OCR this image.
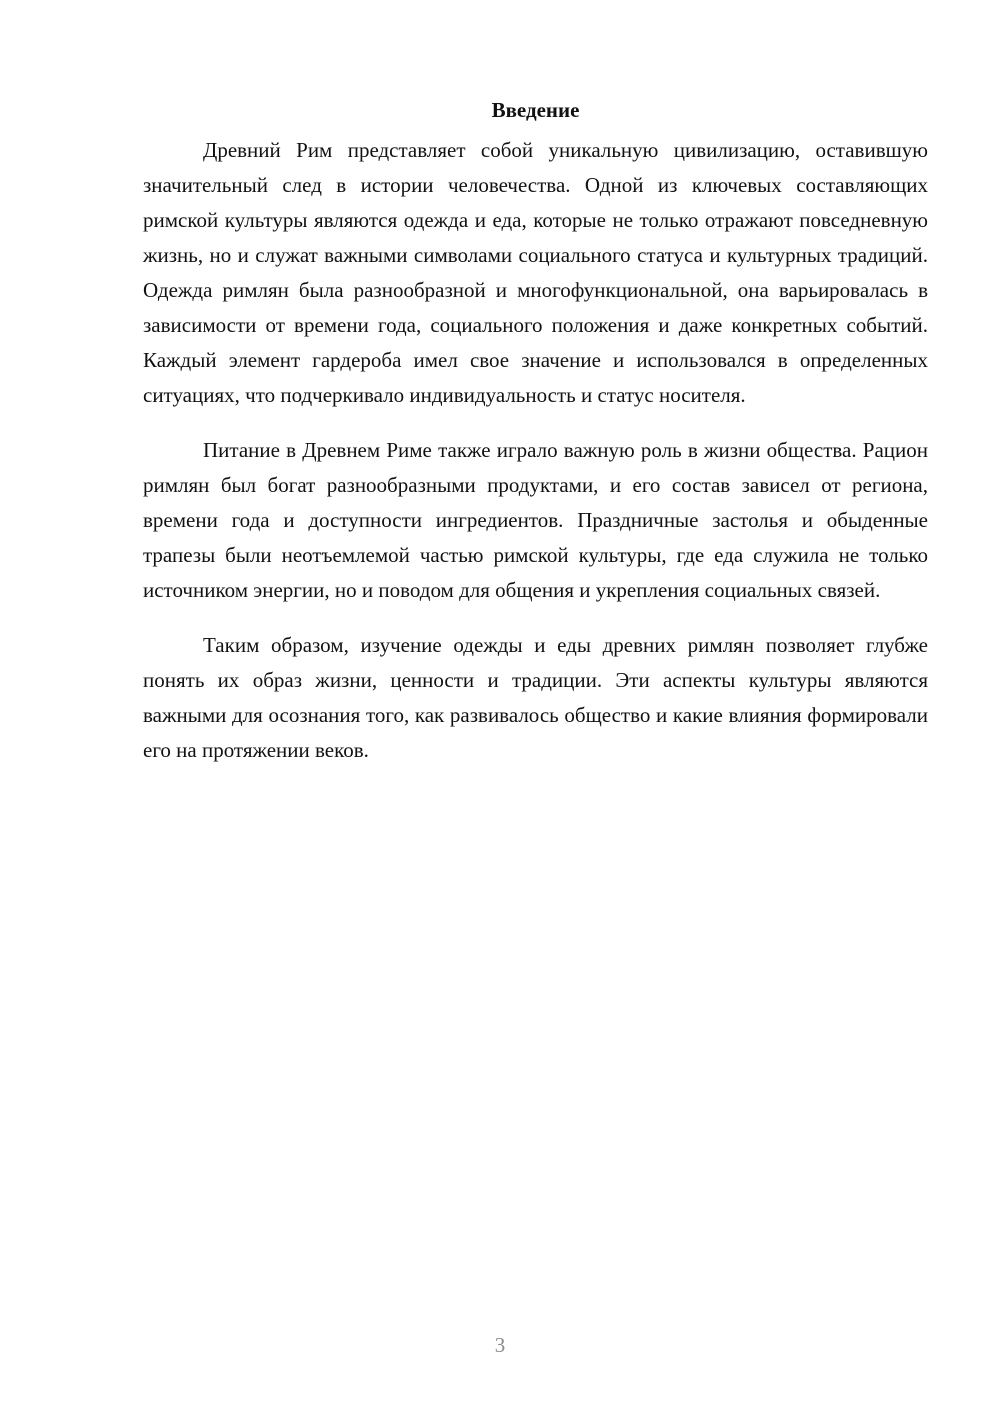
Введение

Древний Рим представляет собой уникальную цивилизацию, оставившую значительный след в истории человечества. Одной из ключевых составляющих римской культуры являются одежда и еда, которые не только отражают повседневную жизнь, но и служат важными символами социального статуса и культурных традиций. Одежда римлян была разнообразной и многофункциональной, она варьировалась в зависимости от времени года, социального положения и даже конкретных событий. Каждый элемент гардероба имел свое значение и использовался в определенных ситуациях, что подчеркивало индивидуальность и статус носителя.

Питание в Древнем Риме также играло важную роль в жизни общества. Рацион римлян был богат разнообразными продуктами, и его состав зависел от региона, времени года и доступности ингредиентов. Праздничные застолья и обыденные трапезы были неотъемлемой частью римской культуры, где еда служила не только источником энергии, но и поводом для общения и укрепления социальных связей.

Таким образом, изучение одежды и еды древних римлян позволяет глубже понять их образ жизни, ценности и традиции. Эти аспекты культуры являются важными для осознания того, как развивалось общество и какие влияния формировали его на протяжении веков.

3
